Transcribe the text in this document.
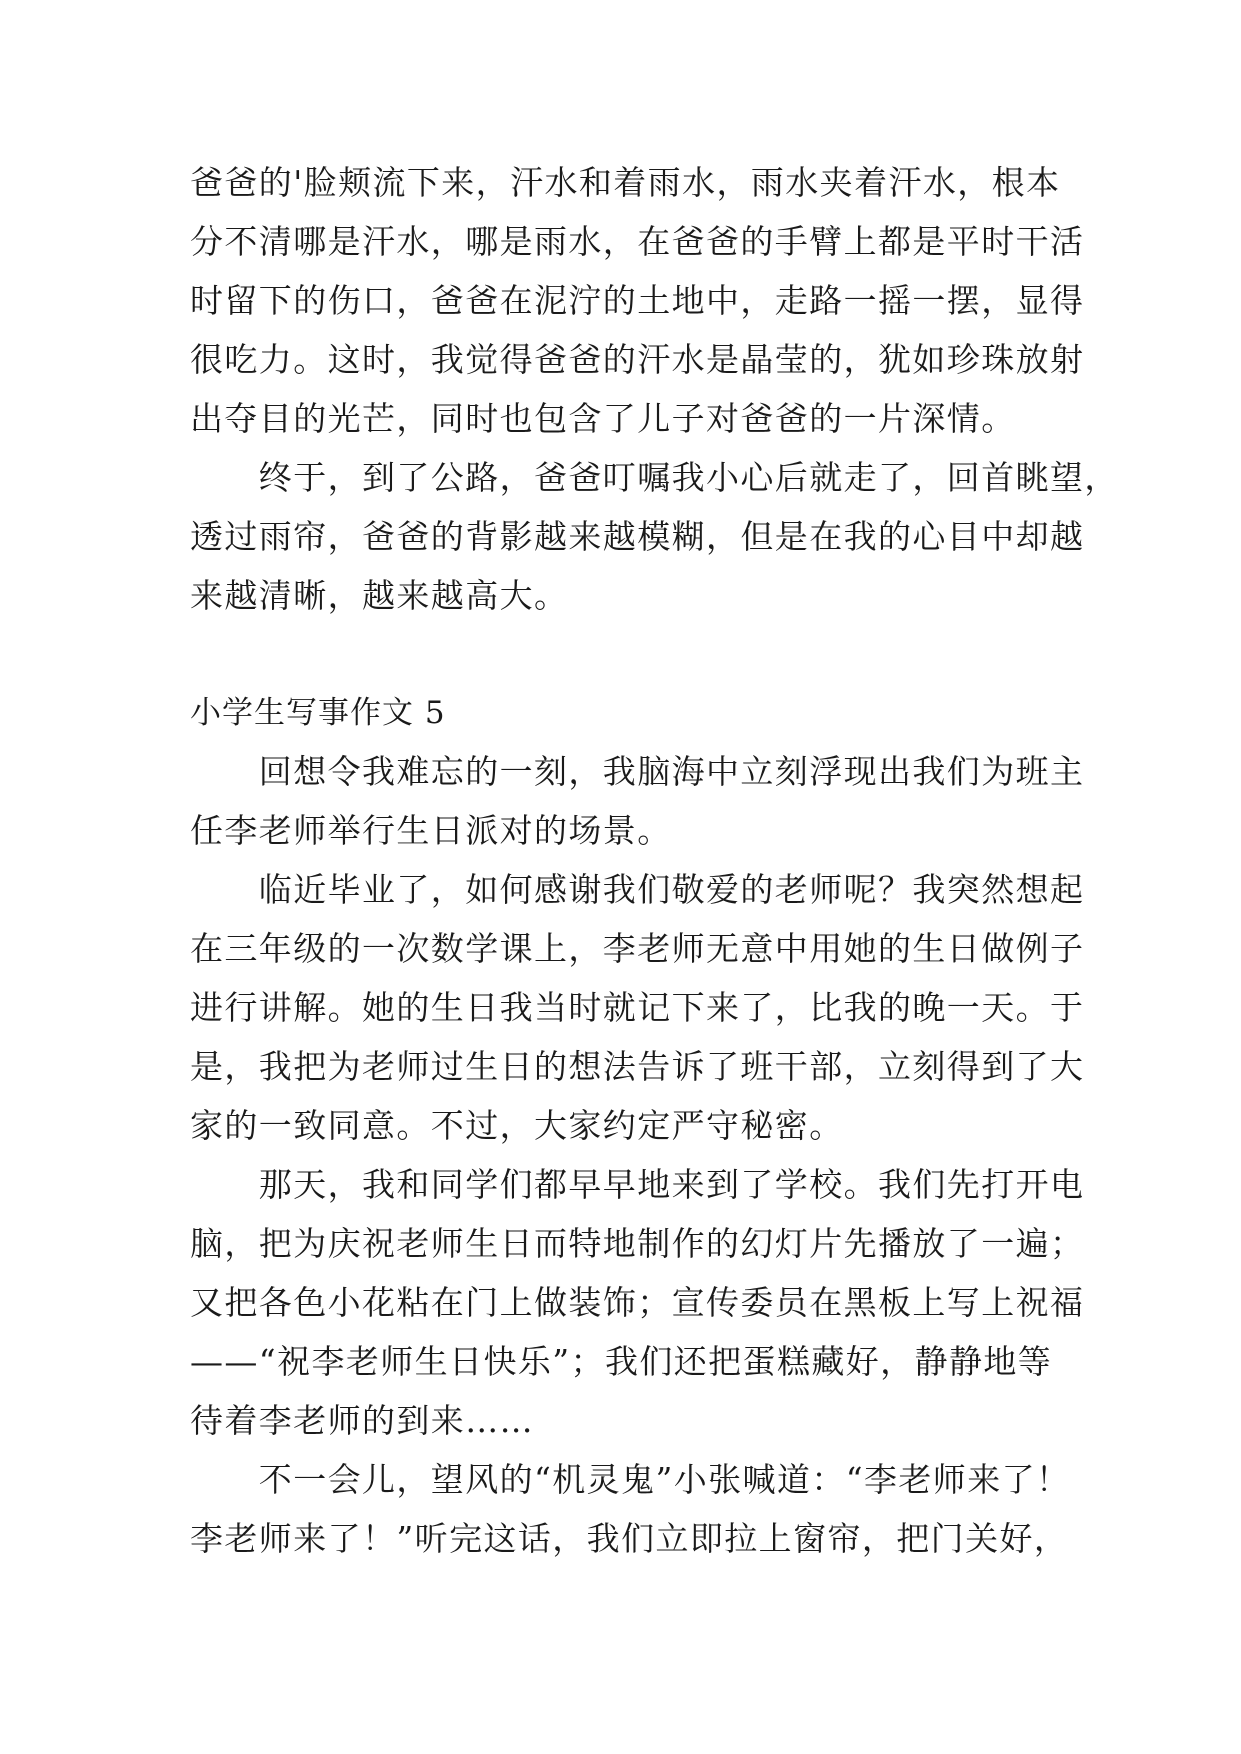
爸爸的'脸颊流下来，汗水和着雨水，雨水夹着汗水，根本
分不清哪是汗水，哪是雨水，在爸爸的手臂上都是平时干活
时留下的伤口，爸爸在泥泞的土地中，走路一摇一摆，显得
很吃力。这时，我觉得爸爸的汗水是晶莹的，犹如珍珠放射
出夺目的光芒，同时也包含了儿子对爸爸的一片深情。
　　终于，到了公路，爸爸叮嘱我小心后就走了，回首眺望，
透过雨帘，爸爸的背影越来越模糊，但是在我的心目中却越
来越清晰，越来越高大。
小学生写事作文 5
　　回想令我难忘的一刻，我脑海中立刻浮现出我们为班主
任李老师举行生日派对的场景。
　　临近毕业了，如何感谢我们敬爱的老师呢？我突然想起
在三年级的一次数学课上，李老师无意中用她的生日做例子
进行讲解。她的生日我当时就记下来了，比我的晚一天。于
是，我把为老师过生日的想法告诉了班干部，立刻得到了大
家的一致同意。不过，大家约定严守秘密。
　　那天，我和同学们都早早地来到了学校。我们先打开电
脑，把为庆祝老师生日而特地制作的幻灯片先播放了一遍；
又把各色小花粘在门上做装饰；宣传委员在黑板上写上祝福
——“祝李老师生日快乐”；我们还把蛋糕藏好，静静地等
待着李老师的到来……
　　不一会儿，望风的“机灵鬼”小张喊道：“李老师来了！
李老师来了！”听完这话，我们立即拉上窗帘，把门关好，
